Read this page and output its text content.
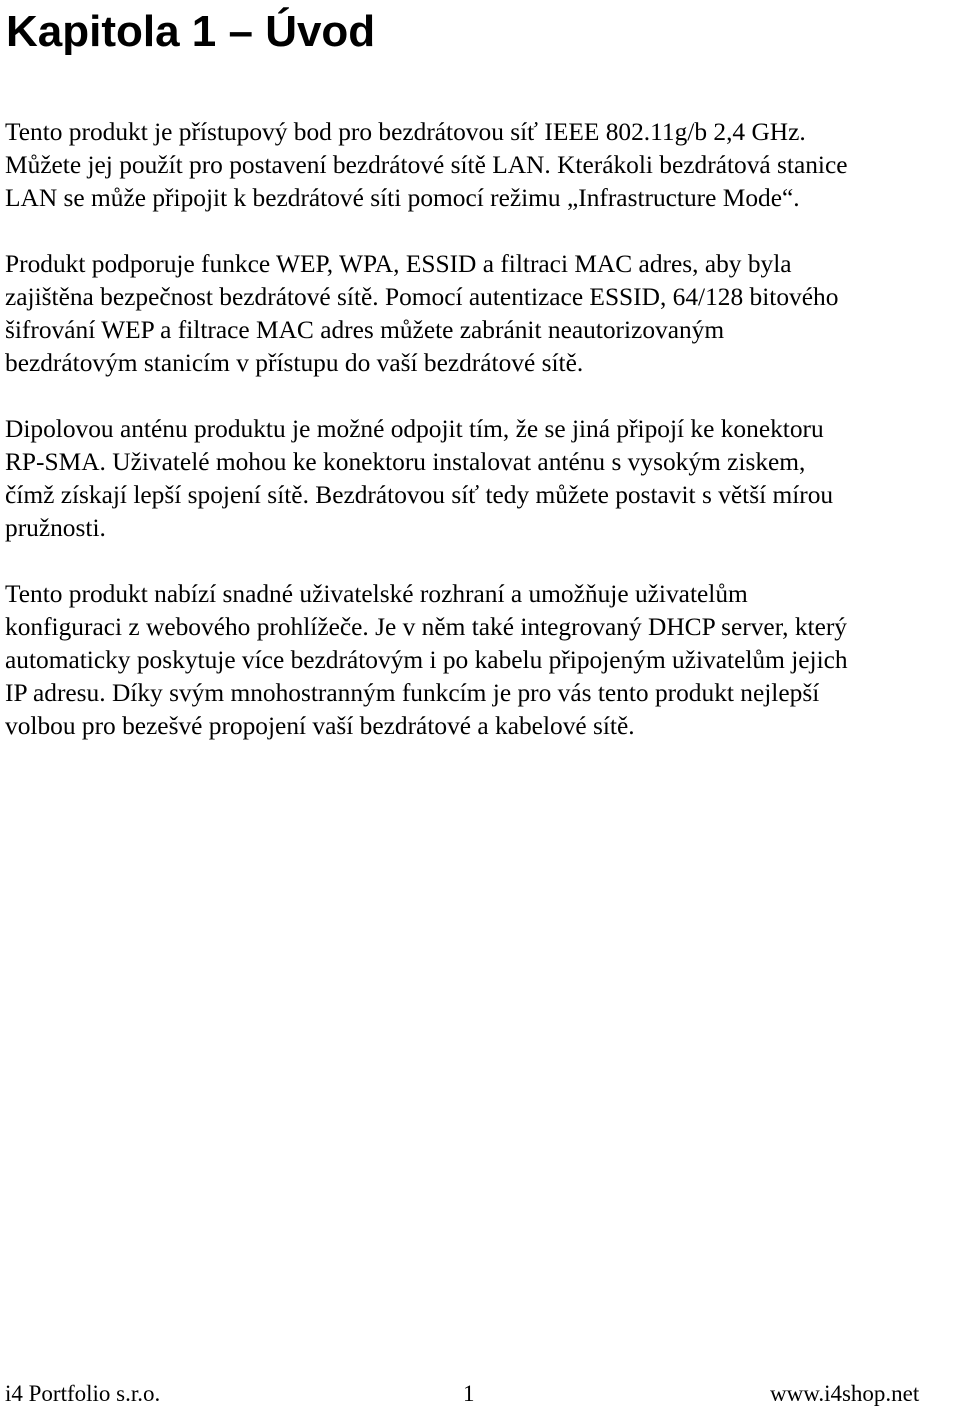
Kapitola 1 – Úvod
Tento produkt je přístupový bod pro bezdrátovou síť IEEE 802.11g/b 2,4 GHz.
Můžete jej použít pro postavení bezdrátové sítě LAN. Kterákoli bezdrátová stanice
LAN se může připojit k bezdrátové síti pomocí režimu „Infrastructure Mode“.
Produkt podporuje funkce WEP, WPA, ESSID a filtraci MAC adres, aby byla
zajištěna bezpečnost bezdrátové sítě. Pomocí autentizace ESSID, 64/128 bitového
šifrování WEP a filtrace MAC adres můžete zabránit neautorizovaným
bezdrátovým stanicím v přístupu do vaší bezdrátové sítě.
Dipolovou anténu produktu je možné odpojit tím, že se jiná připojí ke konektoru
RP-SMA. Uživatelé mohou ke konektoru instalovat anténu s vysokým ziskem,
čímž získají lepší spojení sítě. Bezdrátovou síť tedy můžete postavit s větší mírou
pružnosti.
Tento produkt nabízí snadné uživatelské rozhraní a umožňuje uživatelům
konfiguraci z webového prohlížeče. Je v něm také integrovaný DHCP server, který
automaticky poskytuje více bezdrátovým i po kabelu připojeným uživatelům jejich
IP adresu. Díky svým mnohostranným funkcím je pro vás tento produkt nejlepší
volbou pro bezešvé propojení vaší bezdrátové a kabelové sítě.
i4 Portfolio s.r.o.	1	www.i4shop.net
